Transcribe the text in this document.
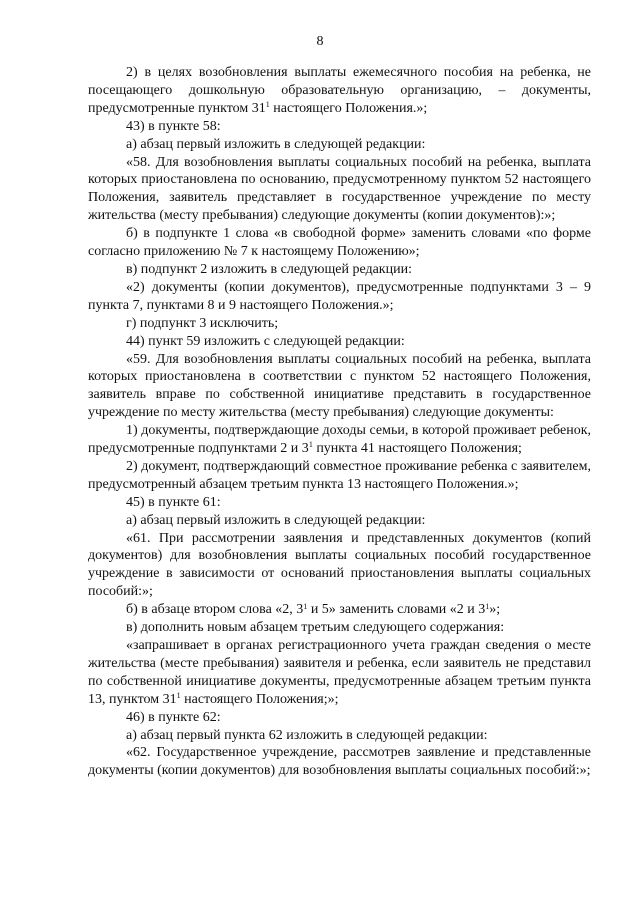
8

2) в целях возобновления выплаты ежемесячного пособия на ребенка, не посещающего дошкольную образовательную организацию, – документы, предусмотренные пунктом $31^1$ настоящего Положения.»;

43) в пункте 58:

а) абзац первый изложить в следующей редакции:

«58. Для возобновления выплаты социальных пособий на ребенка, выплата которых приостановлена по основанию, предусмотренному пунктом 52 настоящего Положения, заявитель представляет в государственное учреждение по месту жительства (месту пребывания) следующие документы (копии документов):»;

б) в подпункте 1 слова «в свободной форме» заменить словами «по форме согласно приложению № 7 к настоящему Положению»;

в) подпункт 2 изложить в следующей редакции:

«2) документы (копии документов), предусмотренные подпунктами 3 – 9 пункта 7, пунктами 8 и 9 настоящего Положения.»;

г) подпункт 3 исключить;

44) пункт 59 изложить с следующей редакции:

«59. Для возобновления выплаты социальных пособий на ребенка, выплата которых приостановлена в соответствии с пунктом 52 настоящего Положения, заявитель вправе по собственной инициативе представить в государственное учреждение по месту жительства (месту пребывания) следующие документы:

1) документы, подтверждающие доходы семьи, в которой проживает ребенок, предусмотренные подпунктами 2 и $3^1$ пункта 41 настоящего Положения;

2) документ, подтверждающий совместное проживание ребенка с заявителем, предусмотренный абзацем третьим пункта 13 настоящего Положения.»;

45) в пункте 61:

а) абзац первый изложить в следующей редакции:

«61. При рассмотрении заявления и представленных документов (копий документов) для возобновления выплаты социальных пособий государственное учреждение в зависимости от оснований приостановления выплаты социальных пособий:»;

б) в абзаце втором слова «2, $3^1$ и 5» заменить словами «2 и $3^1$»;

в) дополнить новым абзацем третьим следующего содержания:

«запрашивает в органах регистрационного учета граждан сведения о месте жительства (месте пребывания) заявителя и ребенка, если заявитель не представил по собственной инициативе документы, предусмотренные абзацем третьим пункта 13, пунктом $31^1$ настоящего Положения;»;

46) в пункте 62:

а) абзац первый пункта 62 изложить в следующей редакции:

«62. Государственное учреждение, рассмотрев заявление и представленные документы (копии документов) для возобновления выплаты социальных пособий:»;
